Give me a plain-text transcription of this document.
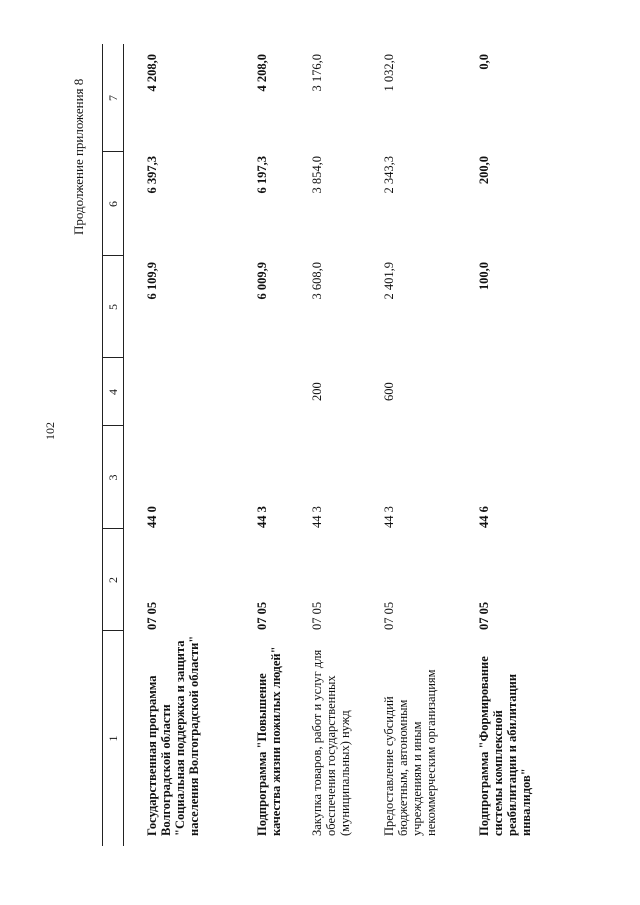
102
Продолжение приложения 8
1
2
3
4
5
6
7
Государственная программа Волгоградской области "Социальная поддержка и защита населения Волгоградской области"
07 05
44 0
6 109,9
6 397,3
4 208,0
Подпрограмма "Повышение качества жизни пожилых людей"
07 05
44 3
6 009,9
6 197,3
4 208,0
Закупка товаров, работ и услуг для обеспечения государственных (муниципальных) нужд
07 05
44 3
200
3 608,0
3 854,0
3 176,0
Предоставление субсидий бюджетным, автономным учреждениям и иным некоммерческим организациям
07 05
44 3
600
2 401,9
2 343,3
1 032,0
Подпрограмма "Формирование системы комплексной реабилитации и абилитации инвалидов"
07 05
44 6
100,0
200,0
0,0
